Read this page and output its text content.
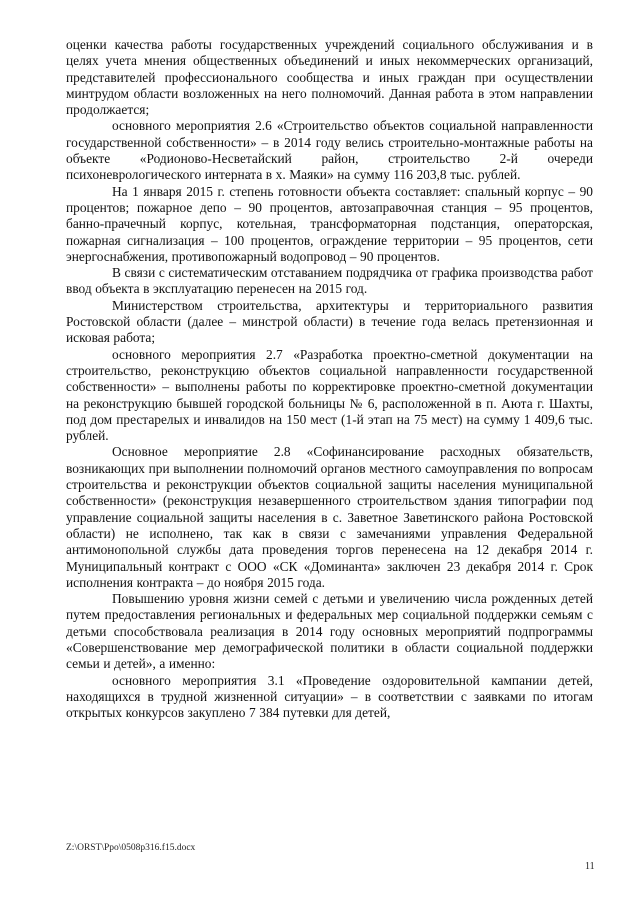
оценки качества работы государственных учреждений социального обслуживания и в целях учета мнения общественных объединений и иных некоммерческих организаций, представителей профессионального сообщества и иных граждан при осуществлении минтрудом области возложенных на него полномочий. Данная работа в этом направлении продолжается;

основного мероприятия 2.6 «Строительство объектов социальной направленности государственной собственности» – в 2014 году велись строительно-монтажные работы на объекте «Родионово-Несветайский район, строительство 2-й очереди психоневрологического интерната в х. Маяки» на сумму 116 203,8 тыс. рублей.

На 1 января 2015 г. степень готовности объекта составляет: спальный корпус – 90 процентов; пожарное депо – 90 процентов, автозаправочная станция – 95 процентов, банно-прачечный корпус, котельная, трансформаторная подстанция, операторская, пожарная сигнализация – 100 процентов, ограждение территории – 95 процентов, сети энергоснабжения, противопожарный водопровод – 90 процентов.

В связи с систематическим отставанием подрядчика от графика производства работ ввод объекта в эксплуатацию перенесен на 2015 год.

Министерством строительства, архитектуры и территориального развития Ростовской области (далее – минстрой области) в течение года велась претензионная и исковая работа;

основного мероприятия 2.7 «Разработка проектно-сметной документации на строительство, реконструкцию объектов социальной направленности государственной собственности» – выполнены работы по корректировке проектно-сметной документации на реконструкцию бывшей городской больницы № 6, расположенной в п. Аюта г. Шахты, под дом престарелых и инвалидов на 150 мест (1-й этап на 75 мест) на сумму 1 409,6 тыс. рублей.

Основное мероприятие 2.8 «Софинансирование расходных обязательств, возникающих при выполнении полномочий органов местного самоуправления по вопросам строительства и реконструкции объектов социальной защиты населения муниципальной собственности» (реконструкция незавершенного строительством здания типографии под управление социальной защиты населения в с. Заветное Заветинского района Ростовской области) не исполнено, так как в связи с замечаниями управления Федеральной антимонопольной службы дата проведения торгов перенесена на 12 декабря 2014 г. Муниципальный контракт с ООО «СК «Доминанта» заключен 23 декабря 2014 г. Срок исполнения контракта – до ноября 2015 года.

Повышению уровня жизни семей с детьми и увеличению числа рожденных детей путем предоставления региональных и федеральных мер социальной поддержки семьям с детьми способствовала реализация в 2014 году основных мероприятий подпрограммы «Совершенствование мер демографической политики в области социальной поддержки семьи и детей», а именно:

основного мероприятия 3.1 «Проведение оздоровительной кампании детей, находящихся в трудной жизненной ситуации» – в соответствии с заявками по итогам открытых конкурсов закуплено 7 384 путевки для детей,

Z:\ORST\Ppo\0508p316.f15.docx
11
